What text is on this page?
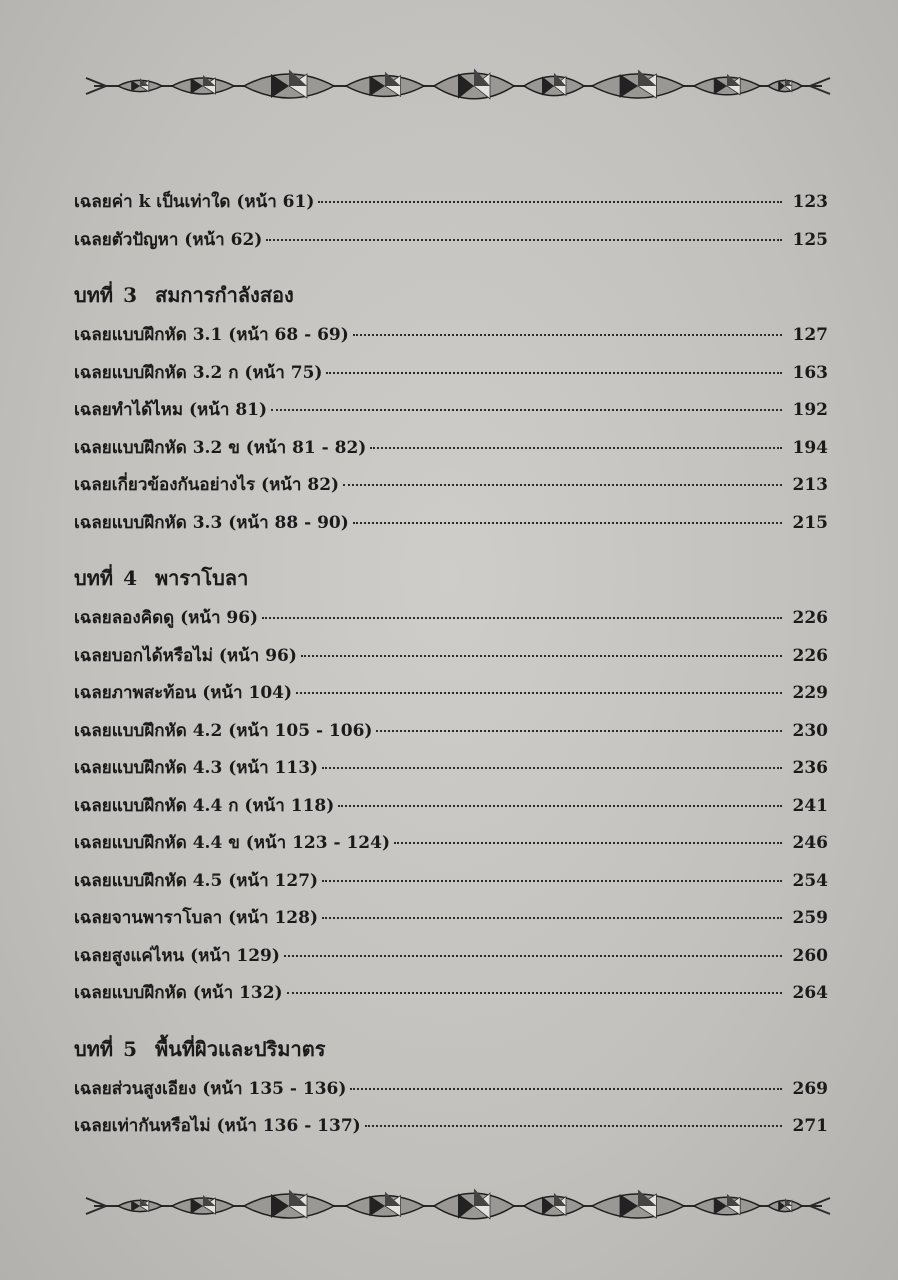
เฉลยค่า k เป็นเท่าใด (หน้า 61)	123
เฉลยตัวปัญหา (หน้า 62)	125
บทที่ 3 สมการกำลังสอง
เฉลยแบบฝึกหัด 3.1 (หน้า 68 - 69)	127
เฉลยแบบฝึกหัด 3.2 ก (หน้า 75)	163
เฉลยทำได้ไหม (หน้า 81)	192
เฉลยแบบฝึกหัด 3.2 ข (หน้า 81 - 82)	194
เฉลยเกี่ยวข้องกันอย่างไร (หน้า 82)	213
เฉลยแบบฝึกหัด 3.3 (หน้า 88 - 90)	215
บทที่ 4 พาราโบลา
เฉลยลองคิดดู (หน้า 96)	226
เฉลยบอกได้หรือไม่ (หน้า 96)	226
เฉลยภาพสะท้อน (หน้า 104)	229
เฉลยแบบฝึกหัด 4.2 (หน้า 105 - 106)	230
เฉลยแบบฝึกหัด 4.3 (หน้า 113)	236
เฉลยแบบฝึกหัด 4.4 ก (หน้า 118)	241
เฉลยแบบฝึกหัด 4.4 ข (หน้า 123 - 124)	246
เฉลยแบบฝึกหัด 4.5 (หน้า 127)	254
เฉลยจานพาราโบลา (หน้า 128)	259
เฉลยสูงแค่ไหน (หน้า 129)	260
เฉลยแบบฝึกหัด (หน้า 132)	264
บทที่ 5 พื้นที่ผิวและปริมาตร
เฉลยส่วนสูงเอียง (หน้า 135 - 136)	269
เฉลยเท่ากันหรือไม่ (หน้า 136 - 137)	271
